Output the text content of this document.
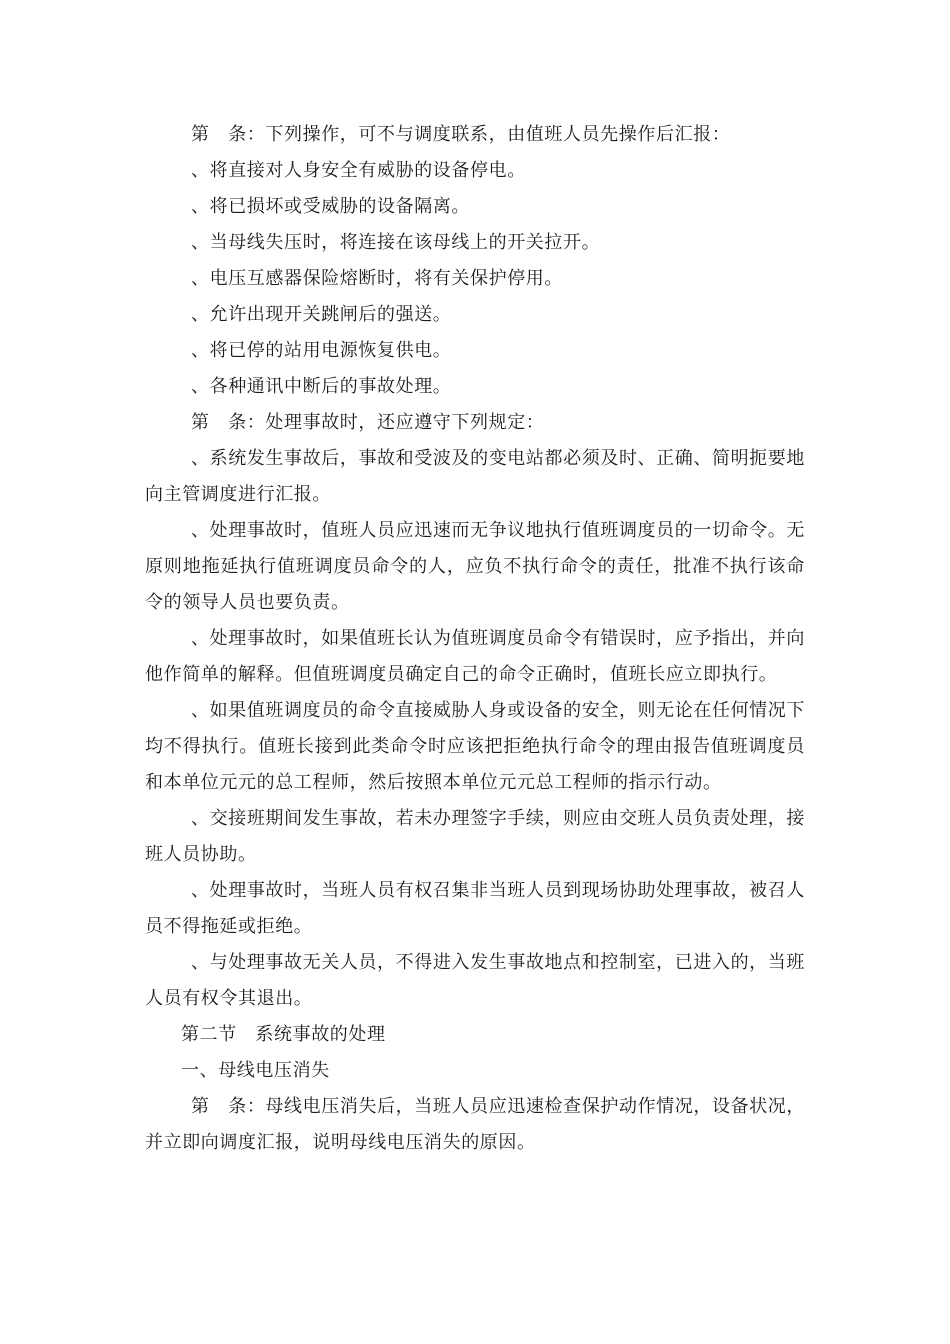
第　条：下列操作，可不与调度联系，由值班人员先操作后汇报：

、将直接对人身安全有威胁的设备停电。

、将已损坏或受威胁的设备隔离。

、当母线失压时，将连接在该母线上的开关拉开。

、电压互感器保险熔断时，将有关保护停用。

、允许出现开关跳闸后的强送。

、将已停的站用电源恢复供电。

、各种通讯中断后的事故处理。

第　条：处理事故时，还应遵守下列规定：

、系统发生事故后，事故和受波及的变电站都必须及时、正确、简明扼要地向主管调度进行汇报。

、处理事故时，值班人员应迅速而无争议地执行值班调度员的一切命令。无原则地拖延执行值班调度员命令的人，应负不执行命令的责任，批准不执行该命令的领导人员也要负责。

、处理事故时，如果值班长认为值班调度员命令有错误时，应予指出，并向他作简单的解释。但值班调度员确定自己的命令正确时，值班长应立即执行。

、如果值班调度员的命令直接威胁人身或设备的安全，则无论在任何情况下均不得执行。值班长接到此类命令时应该把拒绝执行命令的理由报告值班调度员和本单位元元的总工程师，然后按照本单位元元总工程师的指示行动。

、交接班期间发生事故，若未办理签字手续，则应由交班人员负责处理，接班人员协助。

、处理事故时，当班人员有权召集非当班人员到现场协助处理事故，被召人员不得拖延或拒绝。

、与处理事故无关人员，不得进入发生事故地点和控制室，已进入的，当班人员有权令其退出。

第二节　系统事故的处理

一、母线电压消失

第　条：母线电压消失后，当班人员应迅速检查保护动作情况，设备状况，并立即向调度汇报，说明母线电压消失的原因。
